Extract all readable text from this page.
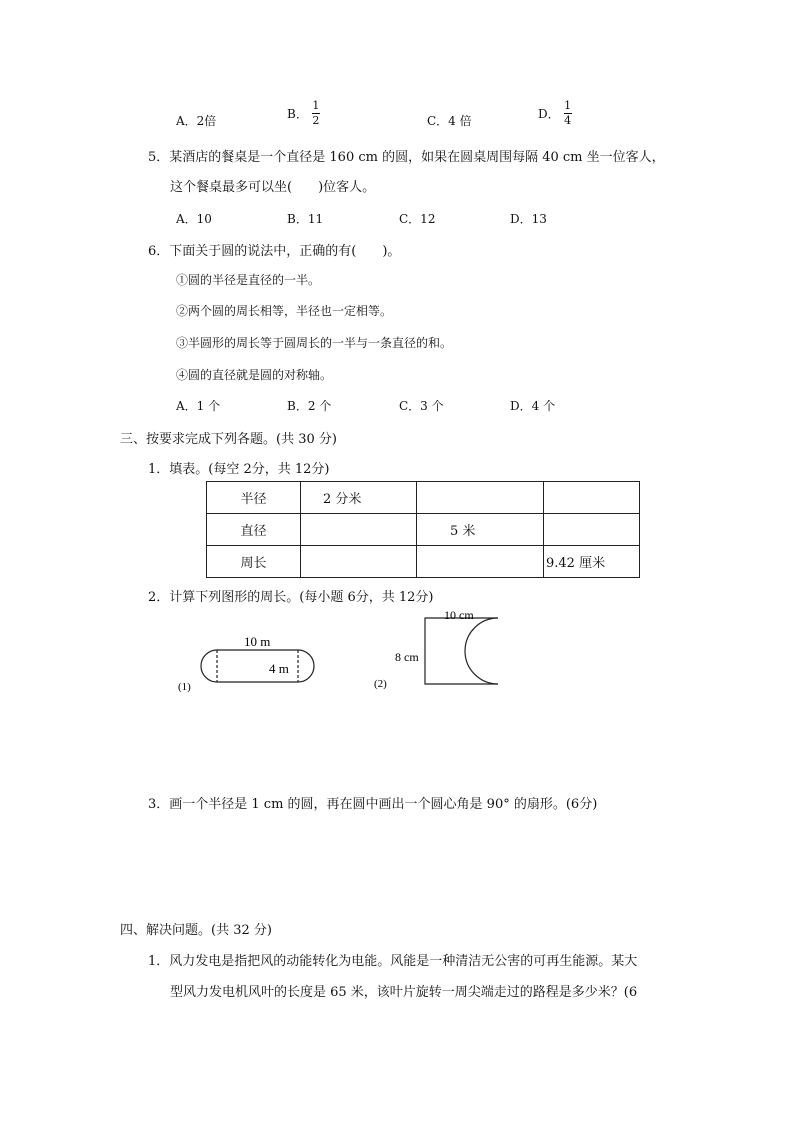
A．2倍	B． $\frac{1}{2}$	C．4 倍	D． $\frac{1}{4}$
5．某酒店的餐桌是一个直径是 160 cm 的圆，如果在圆桌周围每隔 40 cm 坐一位客人，
这个餐桌最多可以坐(　　)位客人。
A．10	B．11	C．12	D．13
6．下面关于圆的说法中，正确的有(　　)。
①圆的半径是直径的一半。
②两个圆的周长相等，半径也一定相等。
③半圆形的周长等于圆周长的一半与一条直径的和。
④圆的直径就是圆的对称轴。
A．1 个	B．2 个	C．3 个	D．4 个
三、按要求完成下列各题。(共 30 分)
1．填表。(每空 2分，共 12分)
半径	2 分米		
直径		5 米	
周长			9.42 厘米
2．计算下列图形的周长。(每小题 6分，共 12分)
10 m
4 m
(1)
10 cm
8 cm
(2)
3．画一个半径是 1 cm 的圆，再在圆中画出一个圆心角是 90° 的扇形。(6分)
四、解决问题。(共 32 分)
1．风力发电是指把风的动能转化为电能。风能是一种清洁无公害的可再生能源。某大
型风力发电机风叶的长度是 65 米，该叶片旋转一周尖端走过的路程是多少米？(6
